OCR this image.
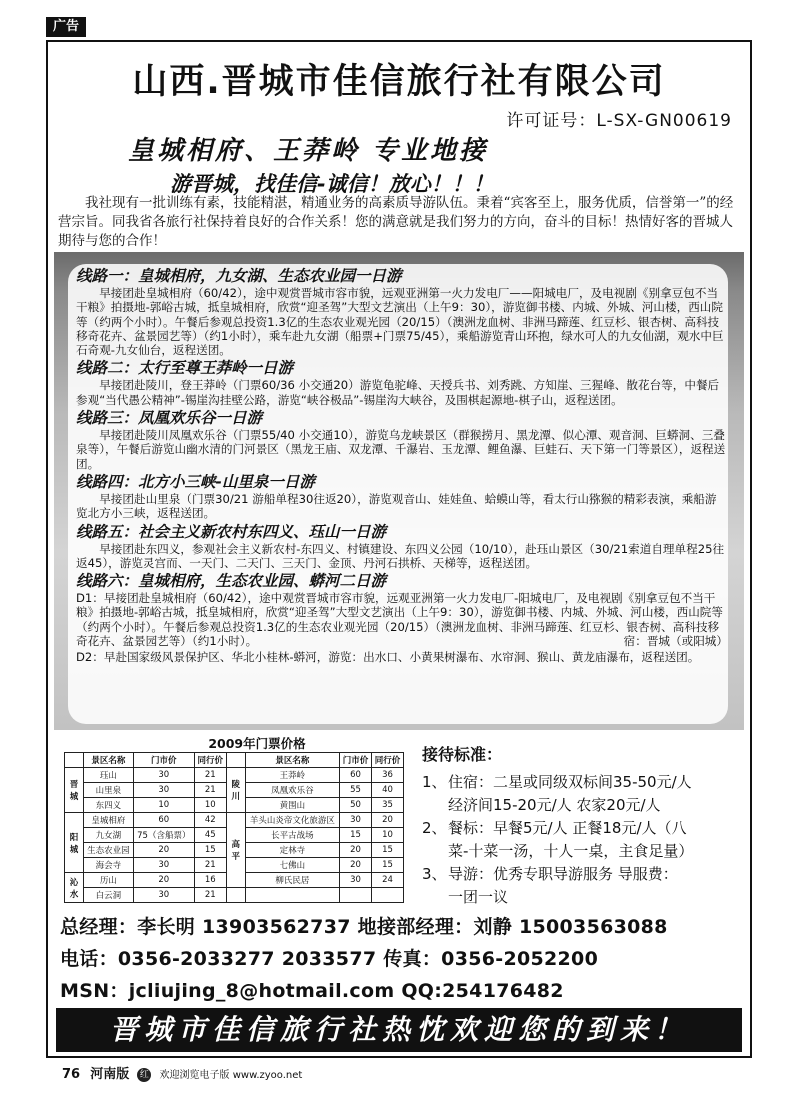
广告
山西.晋城市佳信旅行社有限公司
许可证号：L-SX-GN00619
皇城相府、王莽岭 专业地接
游晋城，找佳信-诚信！放心！！！
我社现有一批训练有素，技能精湛，精通业务的高素质导游队伍。秉着“宾客至上，服务优质，信誉第一”的经营宗旨。同我省各旅行社保持着良好的合作关系！您的满意就是我们努力的方向，奋斗的目标！热情好客的晋城人期待与您的合作！

线路一：皇城相府，九女湖、生态农业园一日游

早接团赴皇城相府（60/42），途中观赏晋城市容市貌，远观亚洲第一火力发电厂——阳城电厂，及电视剧《别拿豆包不当干粮》拍摄地-郭峪古城，抵皇城相府，欣赏“迎圣驾”大型文艺演出（上午9：30），游览御书楼、内城、外城、河山楼，西山院等（约两个小时）。午餐后参观总投资1.3亿的生态农业观光园（20/15）（澳洲龙血树、非洲马蹄莲、红豆杉、银杏树、高科技移奇花卉、盆景园艺等）（约1小时），乘车赴九女湖（船票+门票75/45），乘船游览青山环抱，绿水可人的九女仙湖，观水中巨石奇观-九女仙台，返程送团。

线路二：太行至尊王莽岭一日游

早接团赴陵川，登王莽岭（门票60/36 小交通20）游览龟驼峰、天授兵书、刘秀跳、方知崖、三猩峰、散花台等，中餐后参观“当代愚公精神”-锡崖沟挂壁公路，游览“峡谷极品”-锡崖沟大峡谷，及围棋起源地-棋子山，返程送团。

线路三：凤凰欢乐谷一日游

早接团赴陵川凤凰欢乐谷（门票55/40 小交通10），游览乌龙峡景区（群猴捞月、黑龙潭、似心潭、观音洞、巨蟒洞、三叠泉等），午餐后游览山幽水清的门河景区（黑龙王庙、双龙潭、千瀑岩、玉龙潭、鲤鱼瀑、巨蛙石、天下第一门等景区），返程送团。

线路四：北方小三峡-山里泉一日游

早接团赴山里泉（门票30/21 游船单程30往返20），游览观音山、娃娃鱼、蛤蟆山等，看太行山猕猴的精彩表演，乘船游览北方小三峡，返程送团。

线路五：社会主义新农村东四义、珏山一日游

早接团赴东四义，参观社会主义新农村-东四义、村镇建设、东四义公园（10/10），赴珏山景区（30/21索道自理单程25往返45），游览灵宫而、一天门、二天门、三天门、金顶、丹河石拱桥、天梯等，返程送团。

线路六：皇城相府，生态农业园、蟒河二日游

D1：早接团赴皇城相府（60/42），途中观赏晋城市容市貌，远观亚洲第一火力发电厂-阳城电厂，及电视剧《别拿豆包不当干粮》拍摄地-郭峪古城，抵皇城相府，欣赏“迎圣驾”大型文艺演出（上午9：30），游览御书楼、内城、外城、河山楼，西山院等（约两个小时）。午餐后参观总投资1.3亿的生态农业观光园（20/15）（澳洲龙血树、非洲马蹄莲、红豆杉、银杏树、高科技移奇花卉、盆景园艺等）（约1小时）。	宿：晋城（或阳城）

D2：早赴国家级风景保护区、华北小桂林-蟒河，游览：出水口、小黄果树瀑布、水帘洞、猴山、黄龙庙瀑布，返程送团。

2009年门票价格
	景区名称	门市价	同行价		景区名称	门市价	同行价
晋城	珏山	30	21	陵川	王莽岭	60	36
	山里泉	30	21		凤凰欢乐谷	55	40
	东四义	10	10		黄围山	50	35
阳城	皇城相府	60	42	高平	羊头山炎帝文化旅游区	30	20
	九女湖	75（含船票）	45		长平古战场	15	10
	生态农业园	20	15		定林寺	20	15
	海会寺	30	21		七佛山	20	15
沁水	历山	20	16		柳氏民居	30	24
	白云洞	30	21				
接待标准：
1、住宿：二星或同级双标间35-50元/人
经济间15-20元/人 农家20元/人
2、餐标：早餐5元/人 正餐18元/人（八
菜-十菜一汤，十人一桌，主食足量）
3、导游：优秀专职导游服务 导服费：
一团一议
总经理：李长明 13903562737 地接部经理：刘静 15003563088
电话：0356-2033277 2033577 传真：0356-2052200
MSN：jcliujing_8@hotmail.com QQ:254176482
晋城市佳信旅行社热忱欢迎您的到来！
76 河南版 红 欢迎浏览电子版 www.zyoo.net
